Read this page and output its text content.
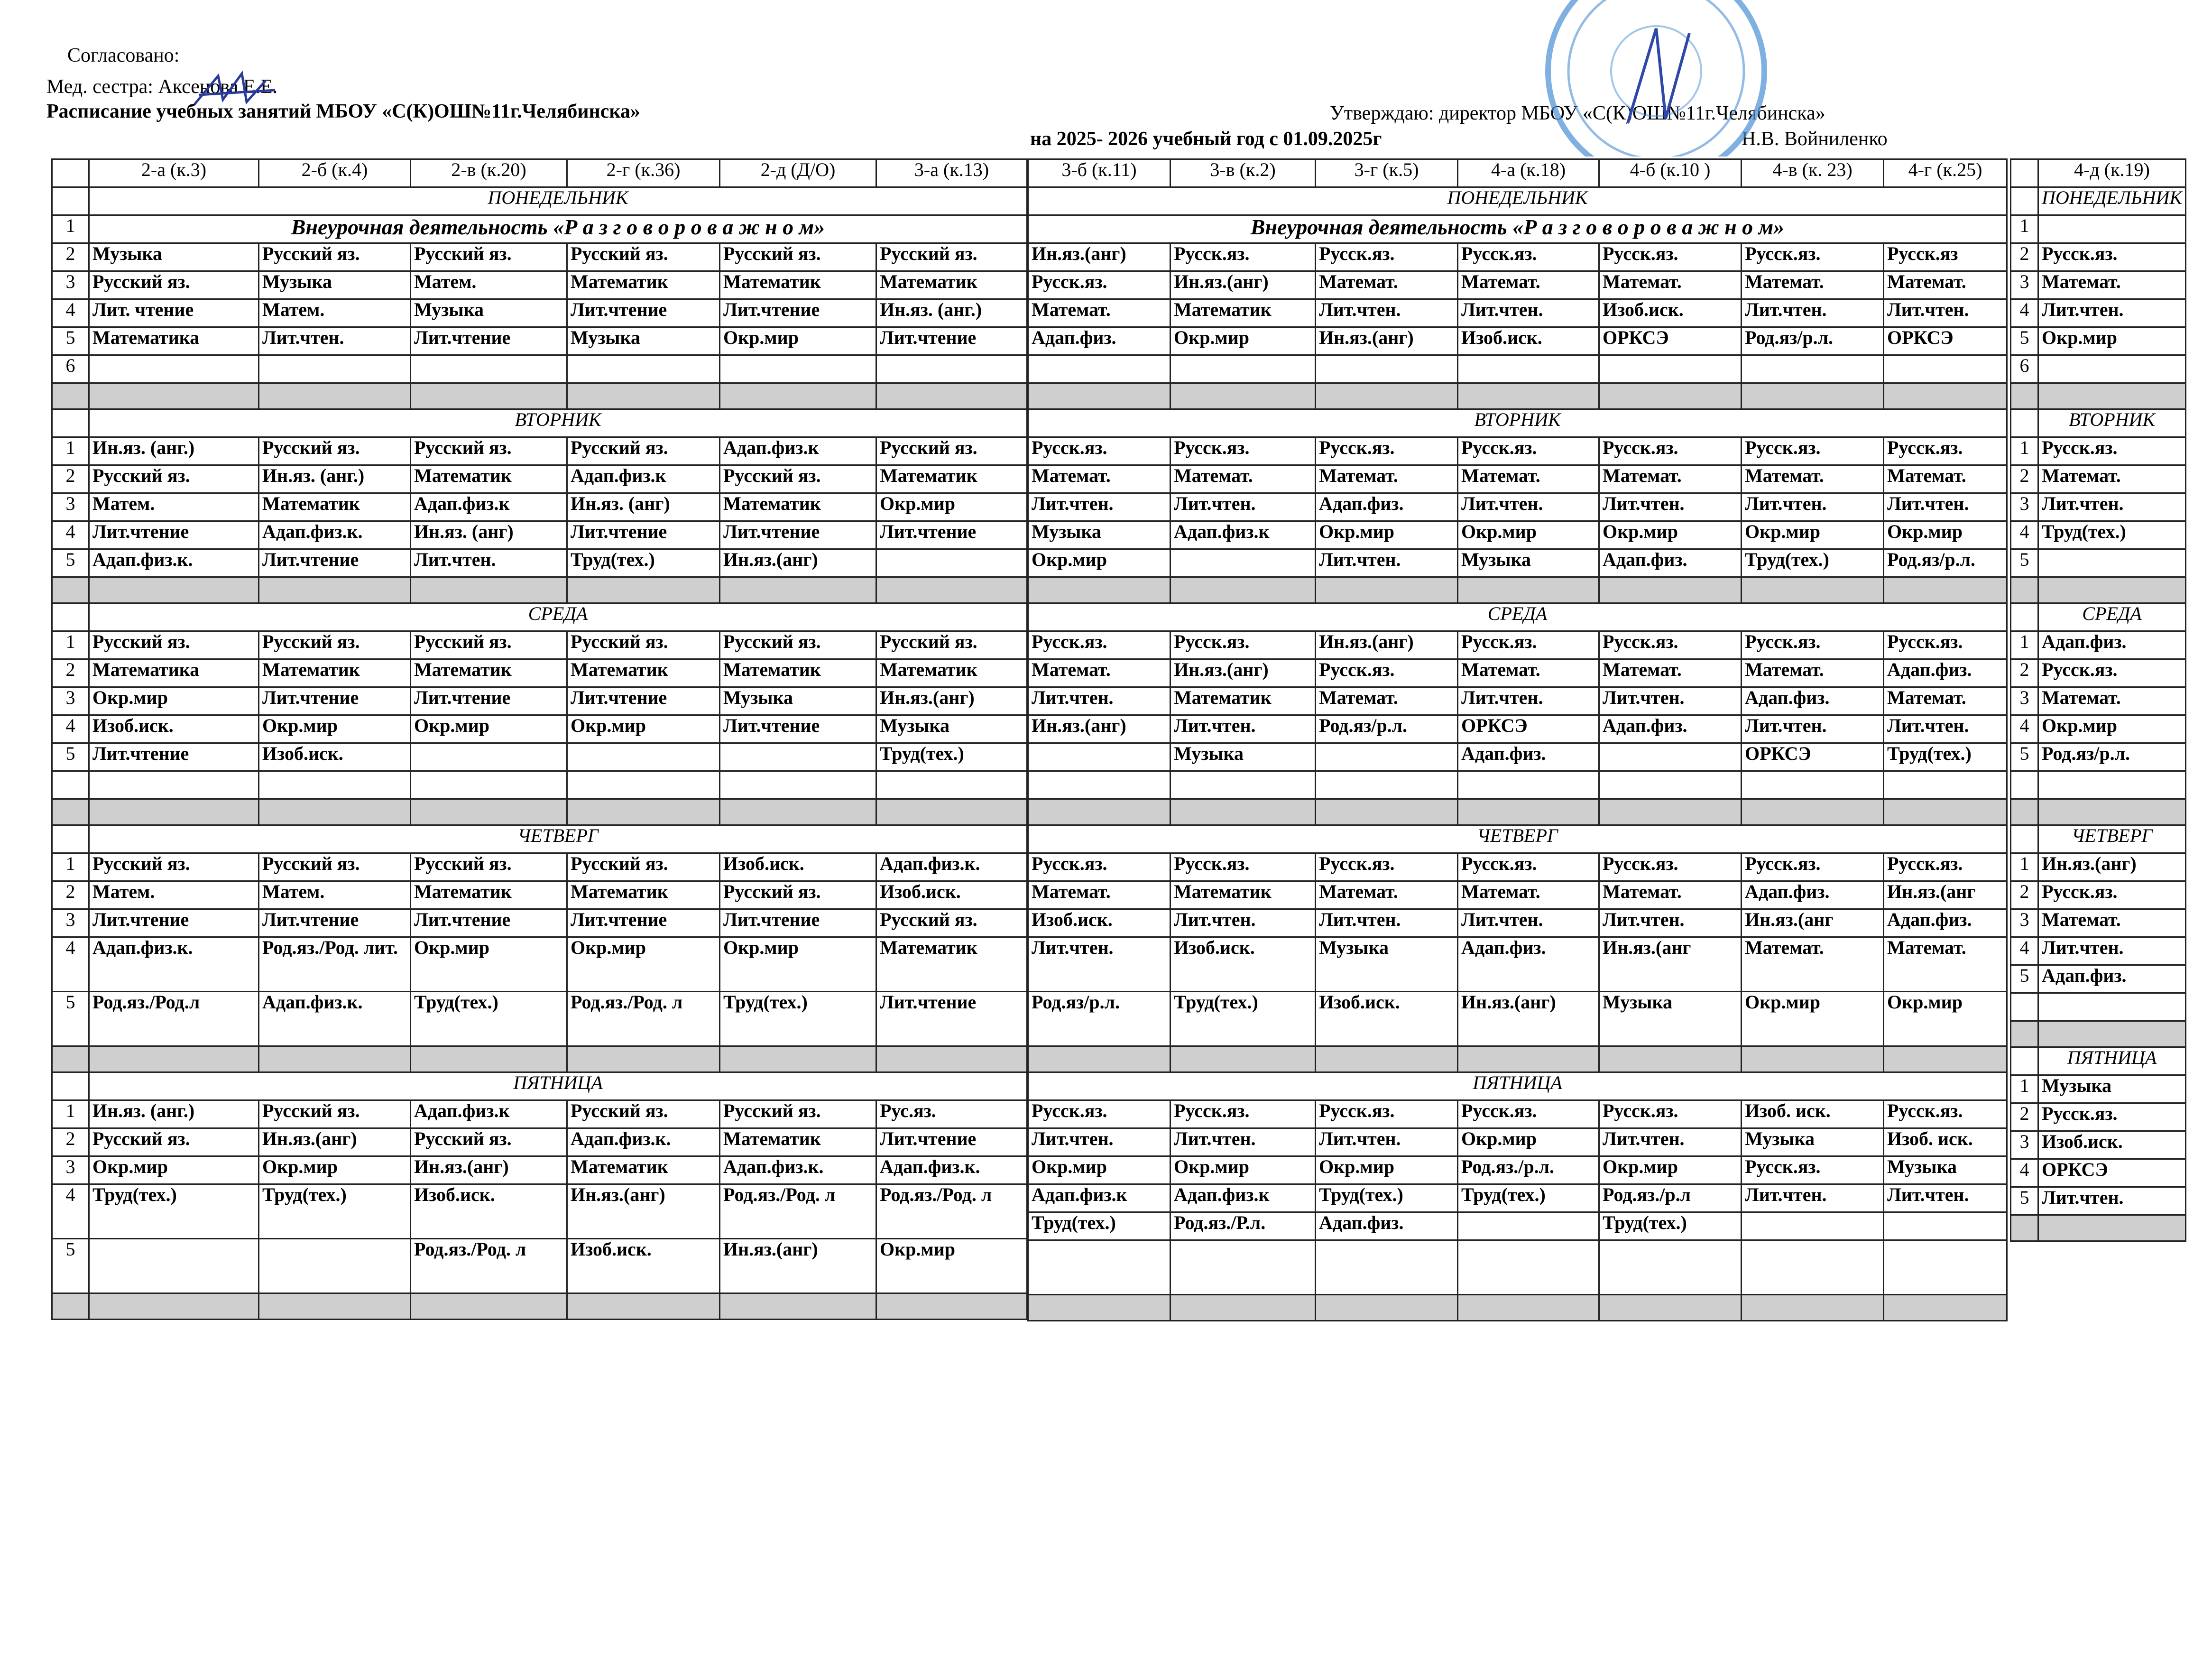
Согласовано:
Мед. сестра: Аксенова Е.Е.
Расписание учебных занятий МБОУ «С(К)ОШ№11г.Челябинска»	Утверждаю: директор МБОУ «С(К)ОШ№11г.Челябинска»
на 2025- 2026 учебный год с 01.09.2025г	Н.В. Войниленко
	2-а (к.3)	2-б (к.4)	2-в (к.20)	2-г (к.36)	2-д (Д/О)	3-а (к.13)
	ПОНЕДЕЛЬНИК					
1	Внеурочная деятельность «Р а з г о в о р о в а ж н о м»					
2	Музыка	Русский яз.	Русский яз.	Русский яз.	Русский яз.	Русский яз.
3	Русский яз.	Музыка	Матем.	Математик	Математик	Математик
4	Лит. чтение	Матем.	Музыка	Лит.чтение	Лит.чтение	Ин.яз. (анг.)
5	Математика	Лит.чтен.	Лит.чтение	Музыка	Окр.мир	Лит.чтение
6						

	ВТОРНИК					
1	Ин.яз. (анг.)	Русский яз.	Русский яз.	Русский яз.	Адап.физ.к	Русский яз.
2	Русский яз.	Ин.яз. (анг.)	Математик	Адап.физ.к	Русский яз.	Математик
3	Матем.	Математик	Адап.физ.к	Ин.яз. (анг)	Математик	Окр.мир
4	Лит.чтение	Адап.физ.к.	Ин.яз. (анг)	Лит.чтение	Лит.чтение	Лит.чтение
5	Адап.физ.к.	Лит.чтение	Лит.чтен.	Труд(тех.)	Ин.яз.(анг)	

	СРЕДА					
1	Русский яз.	Русский яз.	Русский яз.	Русский яз.	Русский яз.	Русский яз.
2	Математика	Математик	Математик	Математик	Математик	Математик
3	Окр.мир	Лит.чтение	Лит.чтение	Лит.чтение	Музыка	Ин.яз.(анг)
4	Изоб.иск.	Окр.мир	Окр.мир	Окр.мир	Лит.чтение	Музыка
5	Лит.чтение	Изоб.иск.				Труд(тех.)

	ЧЕТВЕРГ					
1	Русский яз.	Русский яз.	Русский яз.	Русский яз.	Изоб.иск.	Адап.физ.к.
2	Матем.	Матем.	Математик	Математик	Русский яз.	Изоб.иск.
3	Лит.чтение	Лит.чтение	Лит.чтение	Лит.чтение	Лит.чтение	Русский яз.
4	Адап.физ.к.	Род.яз./Род. лит.	Окр.мир	Окр.мир	Окр.мир	Математик
5	Род.яз./Род.л	Адап.физ.к.	Труд(тех.)	Род.яз./Род. л	Труд(тех.)	Лит.чтение

	ПЯТНИЦА					
1	Ин.яз. (анг.)	Русский яз.	Адап.физ.к	Русский яз.	Русский яз.	Рус.яз.
2	Русский яз.	Ин.яз.(анг)	Русский яз.	Адап.физ.к.	Математик	Лит.чтение
3	Окр.мир	Окр.мир	Ин.яз.(анг)	Математик	Адап.физ.к.	Адап.физ.к.
4	Труд(тех.)	Труд(тех.)	Изоб.иск.	Ин.яз.(анг)	Род.яз./Род. л	Род.яз./Род. л
5			Род.яз./Род. л	Изоб.иск.	Ин.яз.(анг)	Окр.мир

3-б (к.11)	3-в (к.2)	3-г (к.5)	4-а (к.18)	4-б (к.10 )	4-в (к. 23)	4-г (к.25)
ПОНЕДЕЛЬНИК						
Внеурочная деятельность «Р а з г о в о р о в а ж н о м»						
Ин.яз.(анг)	Русск.яз.	Русск.яз.	Русск.яз.	Русск.яз.	Русск.яз.	Русск.яз
Русск.яз.	Ин.яз.(анг)	Математ.	Математ.	Математ.	Математ.	Математ.
Математ.	Математик	Лит.чтен.	Лит.чтен.	Изоб.иск.	Лит.чтен.	Лит.чтен.
Адап.физ.	Окр.мир	Ин.яз.(анг)	Изоб.иск.	ОРКСЭ	Род.яз/р.л.	ОРКСЭ

ВТОРНИК						
Русск.яз.	Русск.яз.	Русск.яз.	Русск.яз.	Русск.яз.	Русск.яз.	Русск.яз.
Математ.	Математ.	Математ.	Математ.	Математ.	Математ.	Математ.
Лит.чтен.	Лит.чтен.	Адап.физ.	Лит.чтен.	Лит.чтен.	Лит.чтен.	Лит.чтен.
Музыка	Адап.физ.к	Окр.мир	Окр.мир	Окр.мир	Окр.мир	Окр.мир
Окр.мир		Лит.чтен.	Музыка	Адап.физ.	Труд(тех.)	Род.яз/р.л.

СРЕДА						
Русск.яз.	Русск.яз.	Ин.яз.(анг)	Русск.яз.	Русск.яз.	Русск.яз.	Русск.яз.
Математ.	Ин.яз.(анг)	Русск.яз.	Математ.	Математ.	Математ.	Адап.физ.
Лит.чтен.	Математик	Математ.	Лит.чтен.	Лит.чтен.	Адап.физ.	Математ.
Ин.яз.(анг)	Лит.чтен.	Род.яз/р.л.	ОРКСЭ	Адап.физ.	Лит.чтен.	Лит.чтен.
	Музыка		Адап.физ.		ОРКСЭ	Труд(тех.)

ЧЕТВЕРГ						
Русск.яз.	Русск.яз.	Русск.яз.	Русск.яз.	Русск.яз.	Русск.яз.	Русск.яз.
Математ.	Математик	Математ.	Математ.	Математ.	Адап.физ.	Ин.яз.(анг
Изоб.иск.	Лит.чтен.	Лит.чтен.	Лит.чтен.	Лит.чтен.	Ин.яз.(анг	Адап.физ.
Лит.чтен.	Изоб.иск.	Музыка	Адап.физ.	Ин.яз.(анг	Математ.	Математ.
Род.яз/р.л.	Труд(тех.)	Изоб.иск.	Ин.яз.(анг)	Музыка	Окр.мир	Окр.мир

ПЯТНИЦА						
Русск.яз.	Русск.яз.	Русск.яз.	Русск.яз.	Русск.яз.	Изоб. иск.	Русск.яз.
Лит.чтен.	Лит.чтен.	Лит.чтен.	Окр.мир	Лит.чтен.	Музыка	Изоб. иск.
Окр.мир	Окр.мир	Окр.мир	Род.яз./р.л.	Окр.мир	Русск.яз.	Музыка
Адап.физ.к	Адап.физ.к	Труд(тех.)	Труд(тех.)	Род.яз./р.л	Лит.чтен.	Лит.чтен.
Труд(тех.)	Род.яз./Р.л.	Адап.физ.		Труд(тех.)		

	4-д (к.19)
	ПОНЕДЕЛЬНИК
1	
2	Русск.яз.
3	Математ.
4	Лит.чтен.
5	Окр.мир
6	

	ВТОРНИК
1	Русск.яз.
2	Математ.
3	Лит.чтен.
4	Труд(тех.)
5	

	СРЕДА
1	Адап.физ.
2	Русск.яз.
3	Математ.
4	Окр.мир
5	Род.яз/р.л.

	ЧЕТВЕРГ
1	Ин.яз.(анг)
2	Русск.яз.
3	Математ.
4	Лит.чтен.
5	Адап.физ.

	ПЯТНИЦА
1	Музыка
2	Русск.яз.
3	Изоб.иск.
4	ОРКСЭ
5	Лит.чтен.
